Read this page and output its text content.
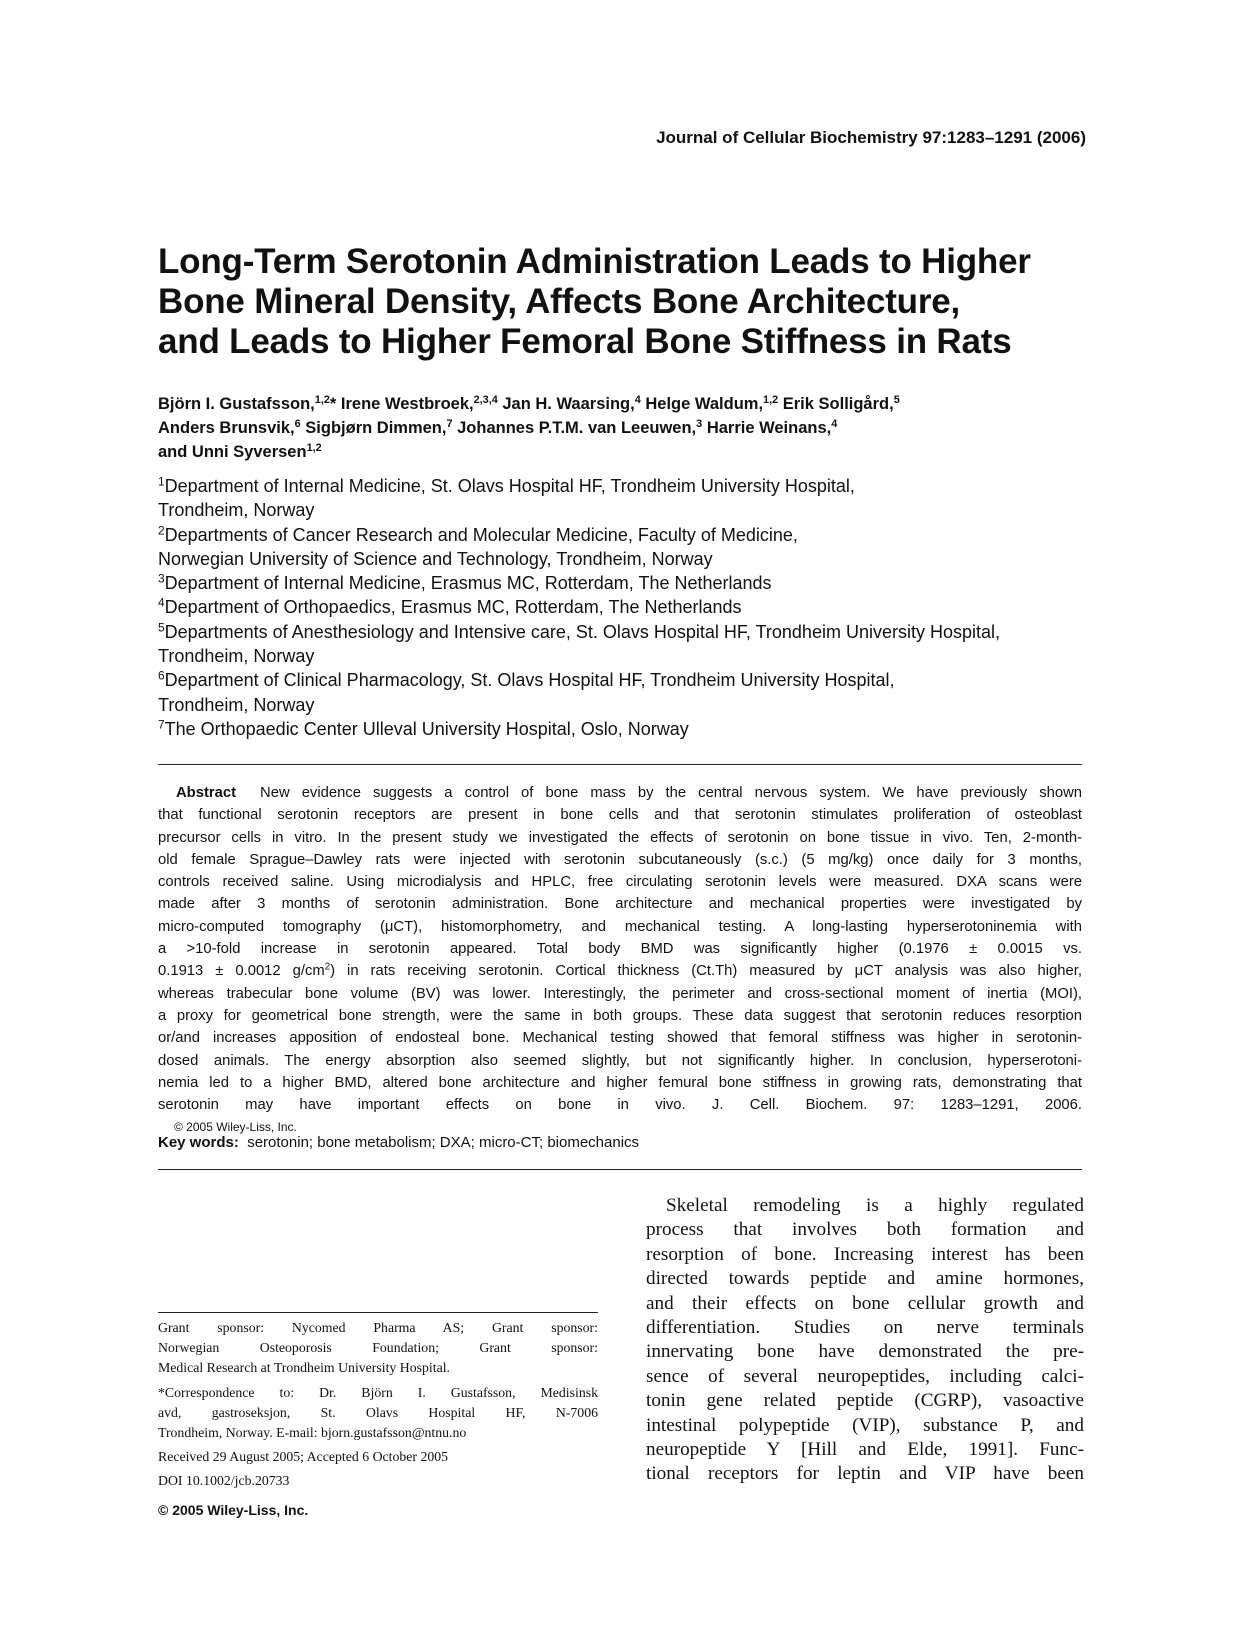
Journal of Cellular Biochemistry 97:1283–1291 (2006)
Long-Term Serotonin Administration Leads to Higher
Bone Mineral Density, Affects Bone Architecture,
and Leads to Higher Femoral Bone Stiffness in Rats
Björn I. Gustafsson,$^{1,2}$* Irene Westbroek,$^{2,3,4}$ Jan H. Waarsing,$^4$ Helge Waldum,$^{1,2}$ Erik Solligård,$^5$
Anders Brunsvik,$^6$ Sigbjørn Dimmen,$^7$ Johannes P.T.M. van Leeuwen,$^3$ Harrie Weinans,$^4$
and Unni Syversen$^{1,2}$
$^1$Department of Internal Medicine, St. Olavs Hospital HF, Trondheim University Hospital,
Trondheim, Norway
$^2$Departments of Cancer Research and Molecular Medicine, Faculty of Medicine,
Norwegian University of Science and Technology, Trondheim, Norway
$^3$Department of Internal Medicine, Erasmus MC, Rotterdam, The Netherlands
$^4$Department of Orthopaedics, Erasmus MC, Rotterdam, The Netherlands
$^5$Departments of Anesthesiology and Intensive care, St. Olavs Hospital HF, Trondheim University Hospital,
Trondheim, Norway
$^6$Department of Clinical Pharmacology, St. Olavs Hospital HF, Trondheim University Hospital,
Trondheim, Norway
$^7$The Orthopaedic Center Ulleval University Hospital, Oslo, Norway
Abstract New evidence suggests a control of bone mass by the central nervous system. We have previously shown
that functional serotonin receptors are present in bone cells and that serotonin stimulates proliferation of osteoblast
precursor cells in vitro. In the present study we investigated the effects of serotonin on bone tissue in vivo. Ten, 2-month-
old female Sprague–Dawley rats were injected with serotonin subcutaneously (s.c.) (5 mg/kg) once daily for 3 months,
controls received saline. Using microdialysis and HPLC, free circulating serotonin levels were measured. DXA scans were
made after 3 months of serotonin administration. Bone architecture and mechanical properties were investigated by
micro-computed tomography (μCT), histomorphometry, and mechanical testing. A long-lasting hyperserotoninemia with
a >10-fold increase in serotonin appeared. Total body BMD was significantly higher (0.1976 ± 0.0015 vs.
0.1913 ± 0.0012 $g/cm^2$) in rats receiving serotonin. Cortical thickness (Ct.Th) measured by μCT analysis was also higher,
whereas trabecular bone volume (BV) was lower. Interestingly, the perimeter and cross-sectional moment of inertia (MOI),
a proxy for geometrical bone strength, were the same in both groups. These data suggest that serotonin reduces resorption
or/and increases apposition of endosteal bone. Mechanical testing showed that femoral stiffness was higher in serotonin-
dosed animals. The energy absorption also seemed slightly, but not significantly higher. In conclusion, hyperserotoni-
nemia led to a higher BMD, altered bone architecture and higher femural bone stiffness in growing rats, demonstrating that
serotonin may have important effects on bone in vivo. J. Cell. Biochem. 97: 1283–1291, 2006.
© 2005 Wiley-Liss, Inc.
Key words: serotonin; bone metabolism; DXA; micro-CT; biomechanics
Grant sponsor: Nycomed Pharma AS; Grant sponsor:
Norwegian Osteoporosis Foundation; Grant sponsor:
Medical Research at Trondheim University Hospital.
*Correspondence to: Dr. Björn I. Gustafsson, Medisinsk
avd, gastroseksjon, St. Olavs Hospital HF, N-7006
Trondheim, Norway. E-mail: bjorn.gustafsson@ntnu.no
Received 29 August 2005; Accepted 6 October 2005
DOI 10.1002/jcb.20733
© 2005 Wiley-Liss, Inc.
Skeletal remodeling is a highly regulated
process that involves both formation and
resorption of bone. Increasing interest has been
directed towards peptide and amine hormones,
and their effects on bone cellular growth and
differentiation. Studies on nerve terminals
innervating bone have demonstrated the pre-
sence of several neuropeptides, including calci-
tonin gene related peptide (CGRP), vasoactive
intestinal polypeptide (VIP), substance P, and
neuropeptide Y [Hill and Elde, 1991]. Func-
tional receptors for leptin and VIP have been
